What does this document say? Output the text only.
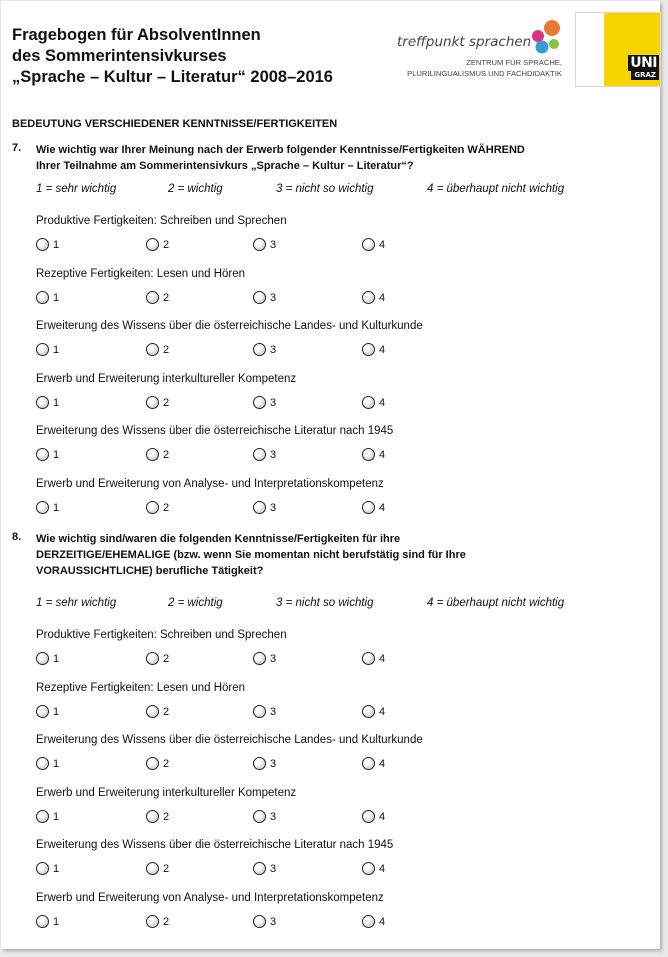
Fragebogen für AbsolventInnen
des Sommerintensivkurses
„Sprache – Kultur – Literatur“ 2008–2016
treffpunkt sprachen
ZENTRUM FÜR SPRACHE,
PLURILINGUALISMUS UND FACHDIDAKTIK
UNI
GRAZ
BEDEUTUNG VERSCHIEDENER KENNTNISSE/FERTIGKEITEN
7. Wie wichtig war Ihrer Meinung nach der Erwerb folgender Kenntnisse/Fertigkeiten WÄHREND
Ihrer Teilnahme am Sommerintensivkurs „Sprache – Kultur – Literatur“?
1 = sehr wichtig	2 = wichtig	3 = nicht so wichtig	4 = überhaupt nicht wichtig
Produktive Fertigkeiten: Schreiben und Sprechen
1	2	3	4
Rezeptive Fertigkeiten: Lesen und Hören
1	2	3	4
Erweiterung des Wissens über die österreichische Landes- und Kulturkunde
1	2	3	4
Erwerb und Erweiterung interkultureller Kompetenz
1	2	3	4
Erweiterung des Wissens über die österreichische Literatur nach 1945
1	2	3	4
Erwerb und Erweiterung von Analyse- und Interpretationskompetenz
1	2	3	4
8. Wie wichtig sind/waren die folgenden Kenntnisse/Fertigkeiten für ihre
DERZEITIGE/EHEMALIGE (bzw. wenn Sie momentan nicht berufstätig sind für Ihre
VORAUSSICHTLICHE) berufliche Tätigkeit?
1 = sehr wichtig	2 = wichtig	3 = nicht so wichtig	4 = überhaupt nicht wichtig
Produktive Fertigkeiten: Schreiben und Sprechen
1	2	3	4
Rezeptive Fertigkeiten: Lesen und Hören
1	2	3	4
Erweiterung des Wissens über die österreichische Landes- und Kulturkunde
1	2	3	4
Erwerb und Erweiterung interkultureller Kompetenz
1	2	3	4
Erweiterung des Wissens über die österreichische Literatur nach 1945
1	2	3	4
Erwerb und Erweiterung von Analyse- und Interpretationskompetenz
1	2	3	4
